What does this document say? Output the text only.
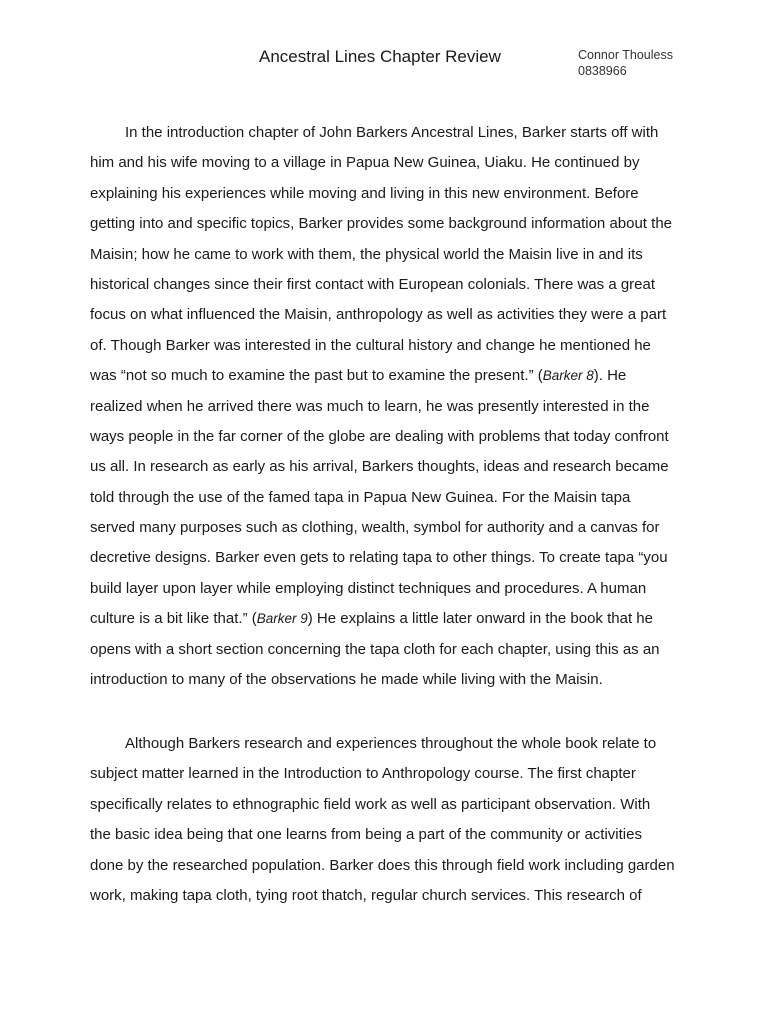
Ancestral Lines Chapter Review	Connor Thouless
0838966
In the introduction chapter of John Barkers Ancestral Lines, Barker starts off with
him and his wife moving to a village in Papua New Guinea, Uiaku. He continued by
explaining his experiences while moving and living in this new environment. Before
getting into and specific topics, Barker provides some background information about the
Maisin; how he came to work with them, the physical world the Maisin live in and its
historical changes since their first contact with European colonials. There was a great
focus on what influenced the Maisin, anthropology as well as activities they were a part
of. Though Barker was interested in the cultural history and change he mentioned he
was “not so much to examine the past but to examine the present.” (Barker 8). He
realized when he arrived there was much to learn, he was presently interested in the
ways people in the far corner of the globe are dealing with problems that today confront
us all. In research as early as his arrival, Barkers thoughts, ideas and research became
told through the use of the famed tapa in Papua New Guinea. For the Maisin tapa
served many purposes such as clothing, wealth, symbol for authority and a canvas for
decretive designs. Barker even gets to relating tapa to other things. To create tapa “you
build layer upon layer while employing distinct techniques and procedures. A human
culture is a bit like that.” (Barker 9) He explains a little later onward in the book that he
opens with a short section concerning the tapa cloth for each chapter, using this as an
introduction to many of the observations he made while living with the Maisin.
Although Barkers research and experiences throughout the whole book relate to
subject matter learned in the Introduction to Anthropology course. The first chapter
specifically relates to ethnographic field work as well as participant observation. With
the basic idea being that one learns from being a part of the community or activities
done by the researched population. Barker does this through field work including garden
work, making tapa cloth, tying root thatch, regular church services. This research of
